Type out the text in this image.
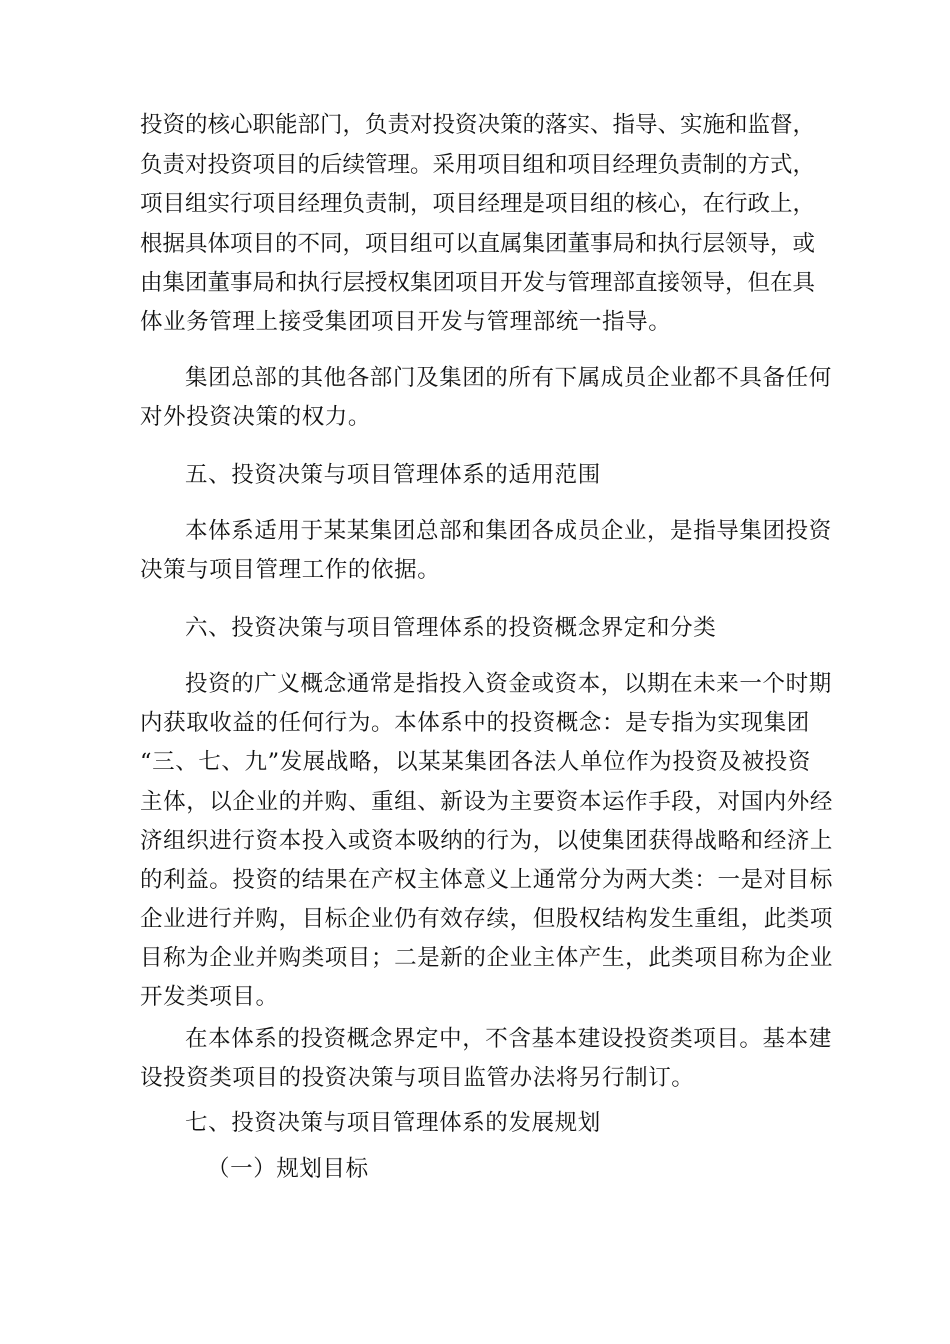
投资的核心职能部门，负责对投资决策的落实、指导、实施和监督，
负责对投资项目的后续管理。采用项目组和项目经理负责制的方式，
项目组实行项目经理负责制，项目经理是项目组的核心，在行政上，
根据具体项目的不同，项目组可以直属集团董事局和执行层领导，或
由集团董事局和执行层授权集团项目开发与管理部直接领导，但在具
体业务管理上接受集团项目开发与管理部统一指导。
集团总部的其他各部门及集团的所有下属成员企业都不具备任何
对外投资决策的权力。
五、投资决策与项目管理体系的适用范围
本体系适用于某某集团总部和集团各成员企业，是指导集团投资
决策与项目管理工作的依据。
六、投资决策与项目管理体系的投资概念界定和分类
投资的广义概念通常是指投入资金或资本，以期在未来一个时期
内获取收益的任何行为。本体系中的投资概念：是专指为实现集团
“三、七、九”发展战略，以某某集团各法人单位作为投资及被投资
主体，以企业的并购、重组、新设为主要资本运作手段，对国内外经
济组织进行资本投入或资本吸纳的行为，以使集团获得战略和经济上
的利益。投资的结果在产权主体意义上通常分为两大类：一是对目标
企业进行并购，目标企业仍有效存续，但股权结构发生重组，此类项
目称为企业并购类项目；二是新的企业主体产生，此类项目称为企业
开发类项目。
在本体系的投资概念界定中，不含基本建设投资类项目。基本建
设投资类项目的投资决策与项目监管办法将另行制订。
七、投资决策与项目管理体系的发展规划
（一）规划目标
